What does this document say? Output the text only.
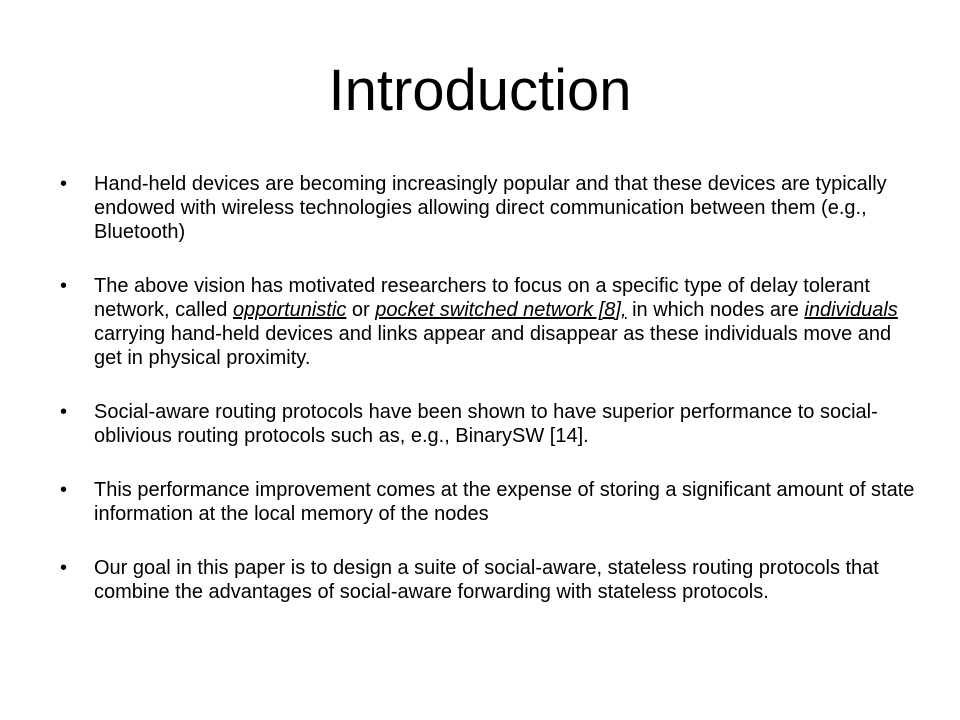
Introduction
•	Hand-held devices are becoming increasingly popular and that these devices are typically endowed with wireless technologies allowing direct communication between them (e.g., Bluetooth)
•	The above vision has motivated researchers to focus on a specific type of delay tolerant network, called opportunistic or pocket switched network [8], in which nodes are individuals carrying hand-held devices and links appear and disappear as these individuals move and get in physical proximity.
•	Social-aware routing protocols have been shown to have superior performance to social-oblivious routing protocols such as, e.g., BinarySW [14].
•	This performance improvement comes at the expense of storing a significant amount of state information at the local memory of the nodes
•	Our goal in this paper is to design a suite of social-aware, stateless routing protocols that combine the advantages of social-aware forwarding with stateless protocols.
